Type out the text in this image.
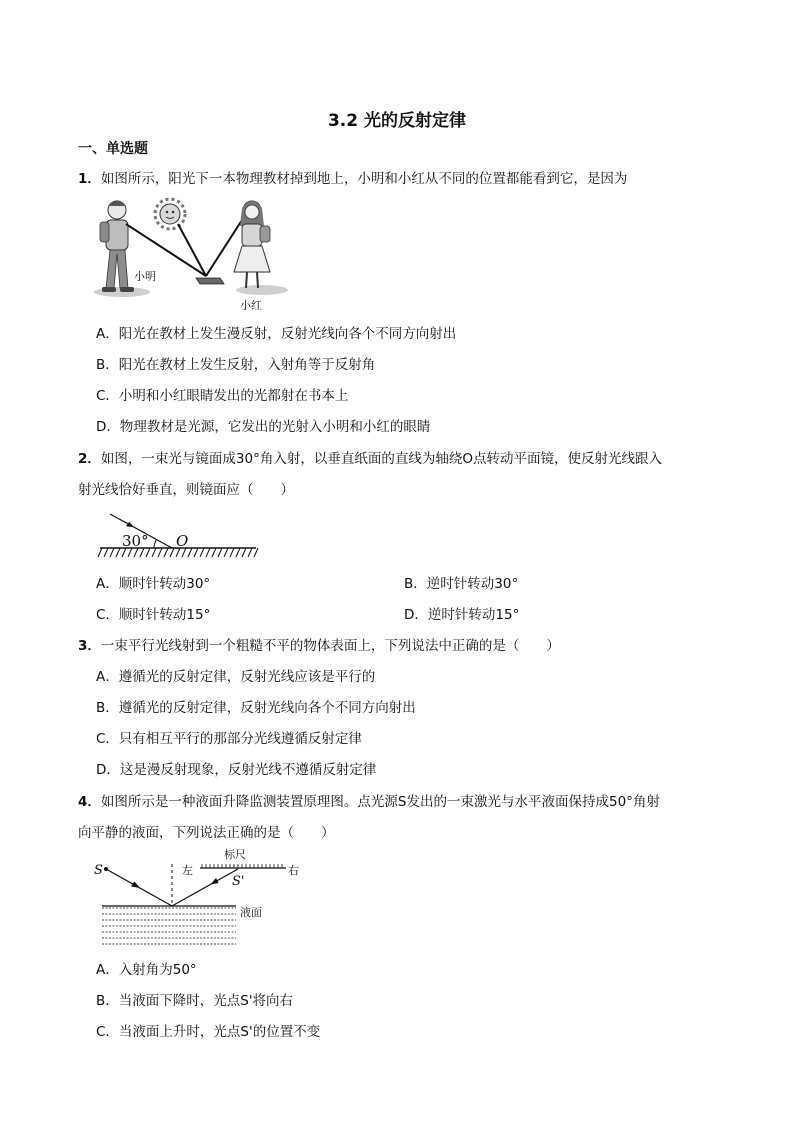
3.2 光的反射定律
一、单选题
1．如图所示，阳光下一本物理教材掉到地上，小明和小红从不同的位置都能看到它，是因为
小明
小红
A．阳光在教材上发生漫反射，反射光线向各个不同方向射出
B．阳光在教材上发生反射，入射角等于反射角
C．小明和小红眼睛发出的光都射在书本上
D．物理教材是光源，它发出的光射入小明和小红的眼睛
2．如图，一束光与镜面成30°角入射，以垂直纸面的直线为轴绕O点转动平面镜，使反射光线跟入
射光线恰好垂直，则镜面应（　　）
30° O
A．顺时针转动30°	B．逆时针转动30°
C．顺时针转动15°	D．逆时针转动15°
3．一束平行光线射到一个粗糙不平的物体表面上，下列说法中正确的是（　　）
A．遵循光的反射定律，反射光线应该是平行的
B．遵循光的反射定律，反射光线向各个不同方向射出
C．只有相互平行的那部分光线遵循反射定律
D．这是漫反射现象，反射光线不遵循反射定律
4．如图所示是一种液面升降监测装置原理图。点光源S发出的一束激光与水平液面保持成50°角射
向平静的液面，下列说法正确的是（　　）
S
S'
左	右
标尺
液面
A．入射角为50°
B．当液面下降时，光点S'将向右
C．当液面上升时，光点S'的位置不变
